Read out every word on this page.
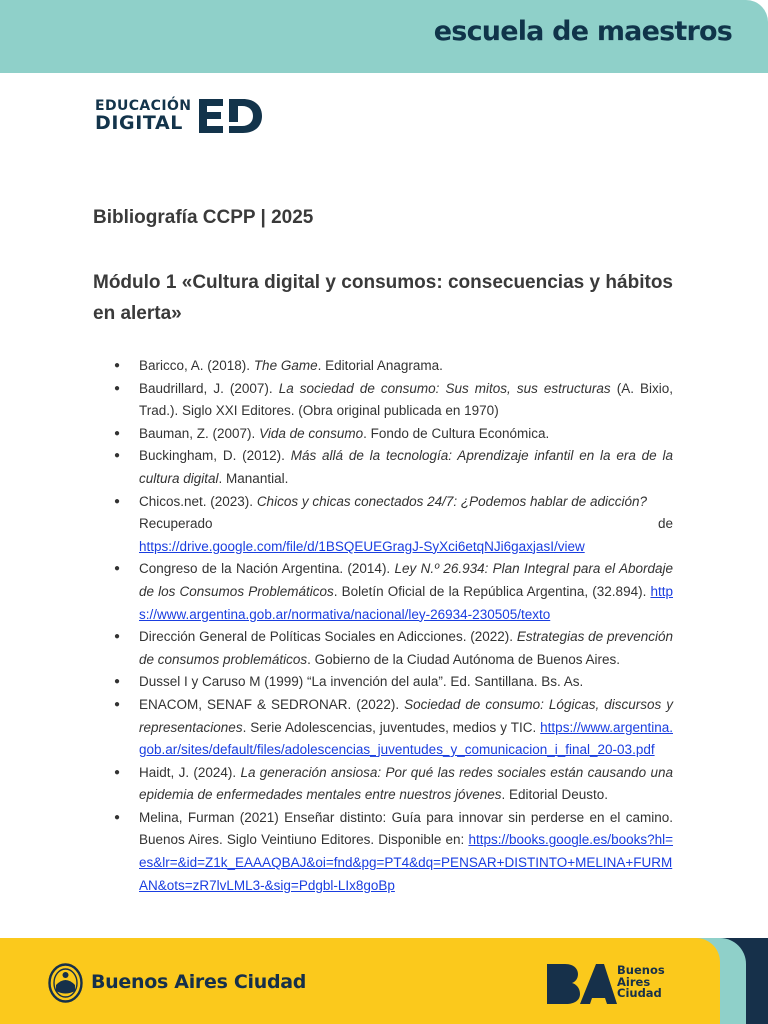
escuela de maestros
EDUCACIÓN
DIGITAL
Bibliografía CCPP | 2025
Módulo 1 «Cultura digital y consumos: consecuencias y hábitos en alerta»
● Baricco, A. (2018). The Game. Editorial Anagrama.
● Baudrillard, J. (2007). La sociedad de consumo: Sus mitos, sus estructuras (A. Bixio, Trad.). Siglo XXI Editores. (Obra original publicada en 1970)
● Bauman, Z. (2007). Vida de consumo. Fondo de Cultura Económica.
● Buckingham, D. (2012). Más allá de la tecnología: Aprendizaje infantil en la era de la cultura digital. Manantial.
● Chicos.net. (2023). Chicos y chicas conectados 24/7: ¿Podemos hablar de adicción?
Recuperado	de
https://drive.google.com/file/d/1BSQEUEGragJ-SyXci6etqNJi6gaxjasI/view
● Congreso de la Nación Argentina. (2014). Ley N.º 26.934: Plan Integral para el Abordaje de los Consumos Problemáticos. Boletín Oficial de la República Argentina, (32.894). https://www.argentina.gob.ar/normativa/nacional/ley-26934-230505/texto
● Dirección General de Políticas Sociales en Adicciones. (2022). Estrategias de prevención de consumos problemáticos. Gobierno de la Ciudad Autónoma de Buenos Aires.
● Dussel I y Caruso M (1999) “La invención del aula”. Ed. Santillana. Bs. As.
● ENACOM, SENAF & SEDRONAR. (2022). Sociedad de consumo: Lógicas, discursos y representaciones. Serie Adolescencias, juventudes, medios y TIC. https://www.argentina.gob.ar/sites/default/files/adolescencias_juventudes_y_comunicacion_i_final_20-03.pdf
● Haidt, J. (2024). La generación ansiosa: Por qué las redes sociales están causando una epidemia de enfermedades mentales entre nuestros jóvenes. Editorial Deusto.
● Melina, Furman (2021) Enseñar distinto: Guía para innovar sin perderse en el camino. Buenos Aires. Siglo Veintiuno Editores. Disponible en: https://books.google.es/books?hl=es&lr=&id=Z1k_EAAAQBAJ&oi=fnd&pg=PT4&dq=PENSAR+DISTINTO+MELINA+FURMAN&ots=zR7lvLML3-&sig=Pdgbl-LIx8goBp
Buenos Aires Ciudad
Buenos
Aires
Ciudad
